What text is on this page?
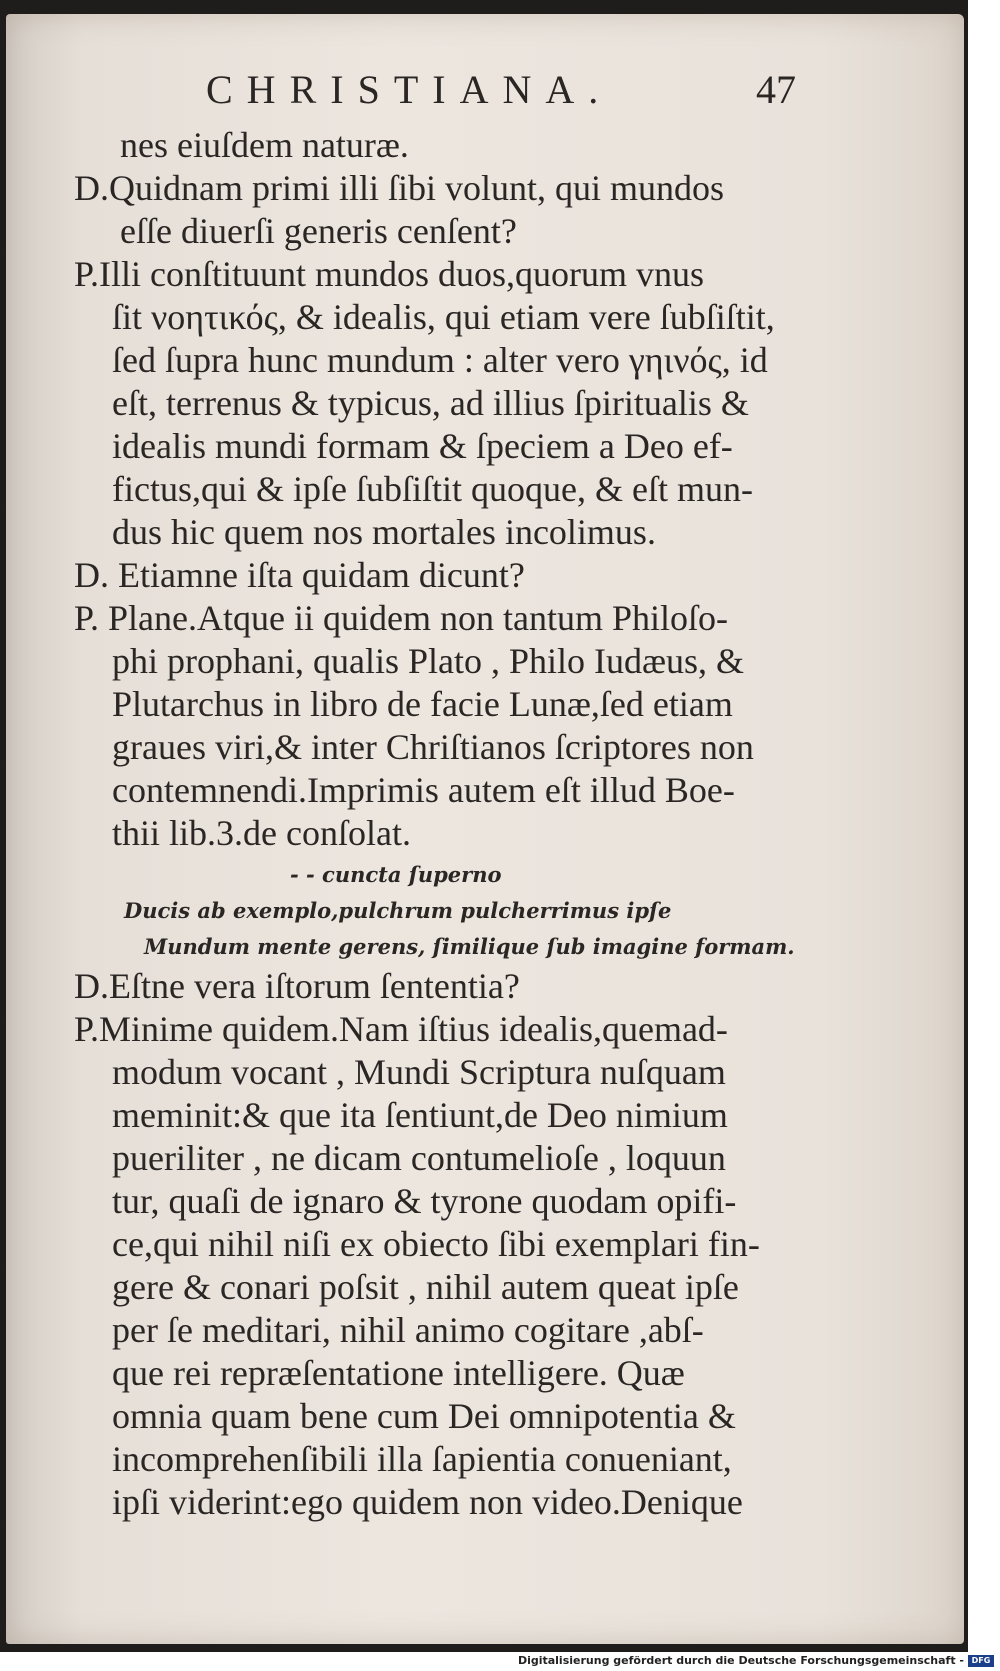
CHRISTIANA.	47
nes eiuſdem naturæ.
D.Quidnam primi illi ſibi volunt, qui mundos
eſſe diuerſi generis cenſent?
P.Illi conſtituunt mundos duos,quorum vnus
ſit νοητικός, & idealis, qui etiam vere ſubſiſtit,
ſed ſupra hunc mundum : alter vero γηινός, id
eſt, terrenus & typicus, ad illius ſpiritualis &
idealis mundi formam & ſpeciem a Deo ef-
fictus,qui & ipſe ſubſiſtit quoque, & eſt mun-
dus hic quem nos mortales incolimus.
D. Etiamne iſta quidam dicunt?
P. Plane.Atque ii quidem non tantum Philoſo-
phi prophani, qualis Plato , Philo Iudæus, &
Plutarchus in libro de facie Lunæ,ſed etiam
graues viri,& inter Chriſtianos ſcriptores non
contemnendi.Imprimis autem eſt illud Boe-
thii lib.3.de conſolat.
- - cuncta ſuperno
Ducis ab exemplo,pulchrum pulcherrimus ipſe
Mundum mente gerens, ſimilique ſub imagine formam.
D.Eſtne vera iſtorum ſententia?
P.Minime quidem.Nam iſtius idealis,quemad-
modum vocant , Mundi Scriptura nuſquam
meminit:& que ita ſentiunt,de Deo nimium
pueriliter , ne dicam contumelioſe , loquun
tur, quaſi de ignaro & tyrone quodam opifi-
ce,qui nihil niſi ex obiecto ſibi exemplari fin-
gere & conari poſsit , nihil autem queat ipſe
per ſe meditari, nihil animo cogitare ,abſ-
que rei repræſentatione intelligere. Quæ
omnia quam bene cum Dei omnipotentia &
incomprehenſibili illa ſapientia conueniant,
ipſi viderint:ego quidem non video.Denique
Digitalisierung gefördert durch die Deutsche Forschungsgemeinschaft - DFG
